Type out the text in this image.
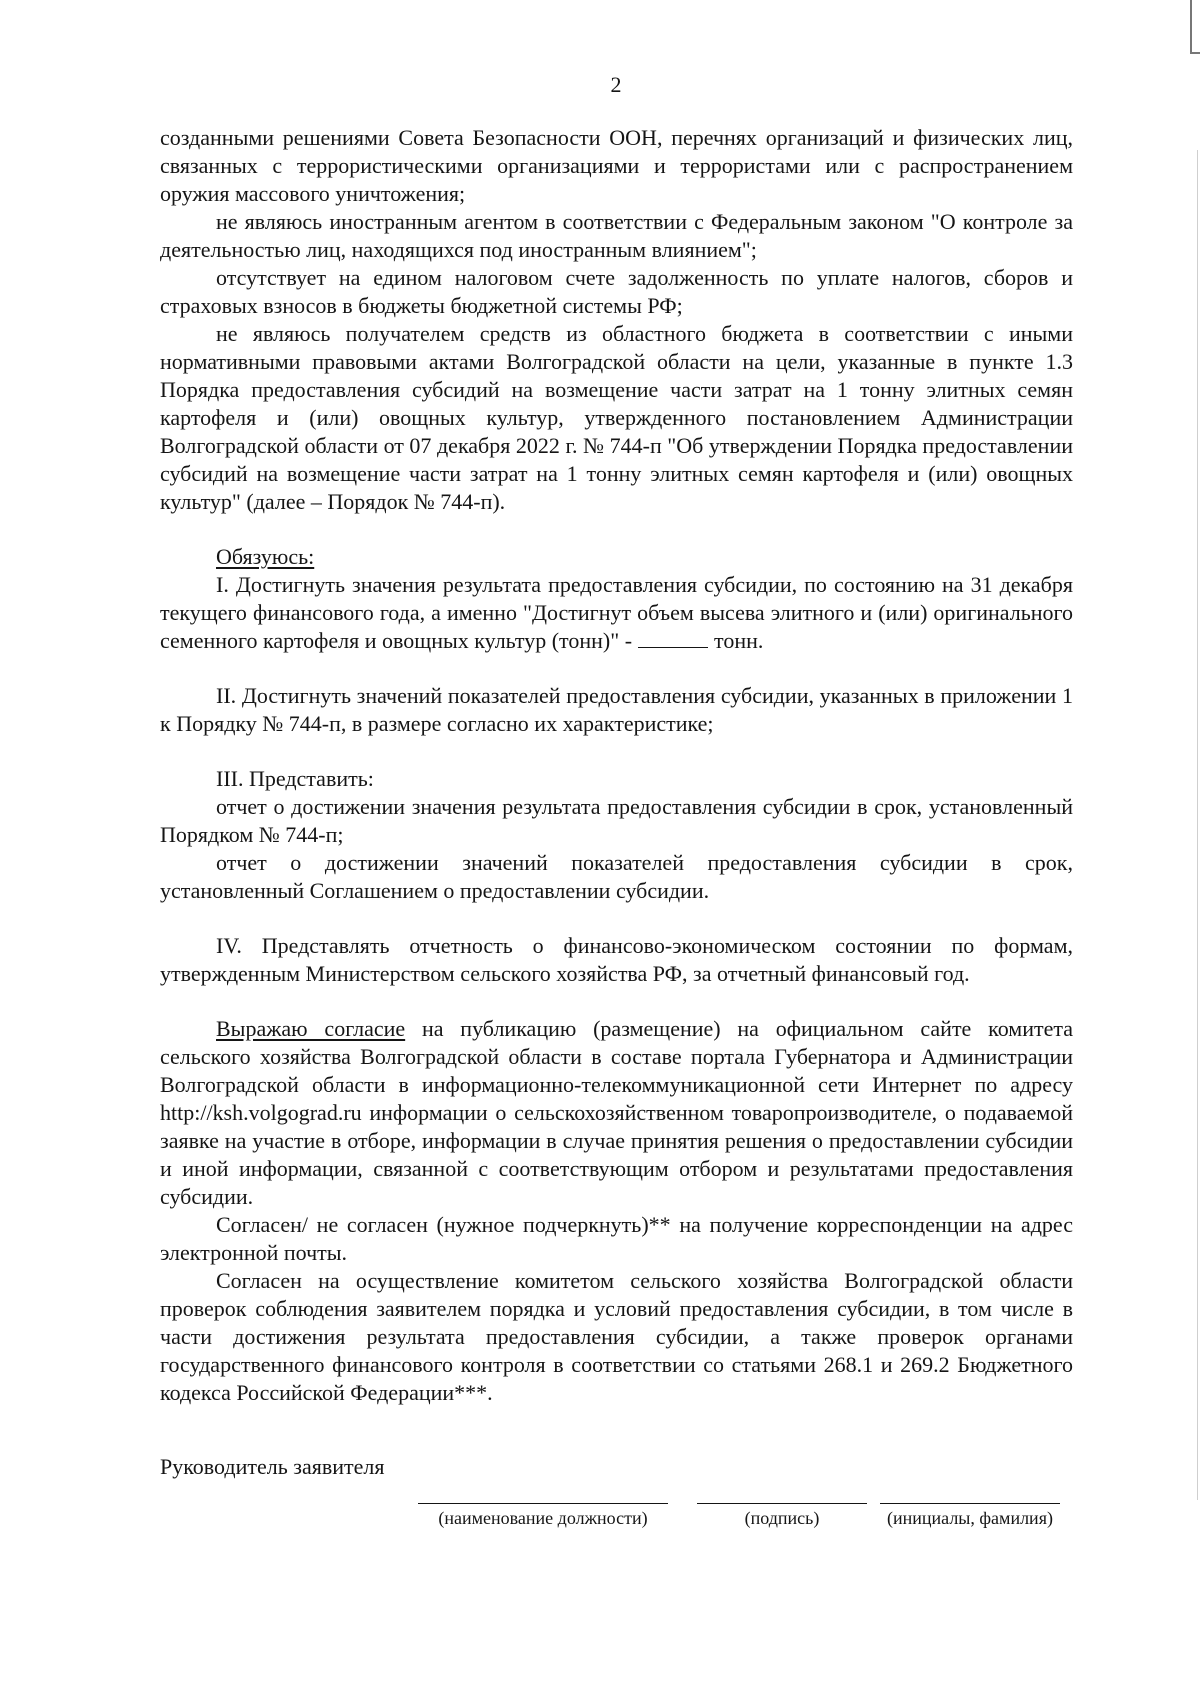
2

созданными решениями Совета Безопасности ООН, перечнях организаций и физических лиц, связанных с террористическими организациями и террористами или с распространением оружия массового уничтожения;

не являюсь иностранным агентом в соответствии с Федеральным законом "О контроле за деятельностью лиц, находящихся под иностранным влиянием";

отсутствует на едином налоговом счете задолженность по уплате налогов, сборов и страховых взносов в бюджеты бюджетной системы РФ;

не являюсь получателем средств из областного бюджета в соответствии с иными нормативными правовыми актами Волгоградской области на цели, указанные в пункте 1.3 Порядка предоставления субсидий на возмещение части затрат на 1 тонну элитных семян картофеля и (или) овощных культур, утвержденного постановлением Администрации Волгоградской области от 07 декабря 2022 г. № 744-п "Об утверждении Порядка предоставлении субсидий на возмещение части затрат на 1 тонну элитных семян картофеля и (или) овощных культур" (далее – Порядок № 744-п).

Обязуюсь:

I. Достигнуть значения результата предоставления субсидии, по состоянию на 31 декабря текущего финансового года, а именно "Достигнут объем высева элитного и (или) оригинального семенного картофеля и овощных культур (тонн)" -	тонн.

II. Достигнуть значений показателей предоставления субсидии, указанных в приложении 1 к Порядку № 744-п, в размере согласно их характеристике;

III. Представить:

отчет о достижении значения результата предоставления субсидии в срок, установленный Порядком № 744-п;

отчет о достижении значений показателей предоставления субсидии в срок, установленный Соглашением о предоставлении субсидии.

IV. Представлять отчетность о финансово-экономическом состоянии по формам, утвержденным Министерством сельского хозяйства РФ, за отчетный финансовый год.

Выражаю согласие на публикацию (размещение) на официальном сайте комитета сельского хозяйства Волгоградской области в составе портала Губернатора и Администрации Волгоградской области в информационно-телекоммуникационной сети Интернет по адресу http://ksh.volgograd.ru информации о сельскохозяйственном товаропроизводителе, о подаваемой заявке на участие в отборе, информации в случае принятия решения о предоставлении субсидии и иной информации, связанной с соответствующим отбором и результатами предоставления субсидии.

Согласен/ не согласен (нужное подчеркнуть)** на получение корреспонденции на адрес электронной почты.

Согласен на осуществление комитетом сельского хозяйства Волгоградской области проверок соблюдения заявителем порядка и условий предоставления субсидии, в том числе в части достижения результата предоставления субсидии, а также проверок органами государственного финансового контроля в соответствии со статьями 268.1 и 269.2 Бюджетного кодекса Российской Федерации***.

Руководитель заявителя
(наименование должности)	(подпись)	(инициалы, фамилия)
